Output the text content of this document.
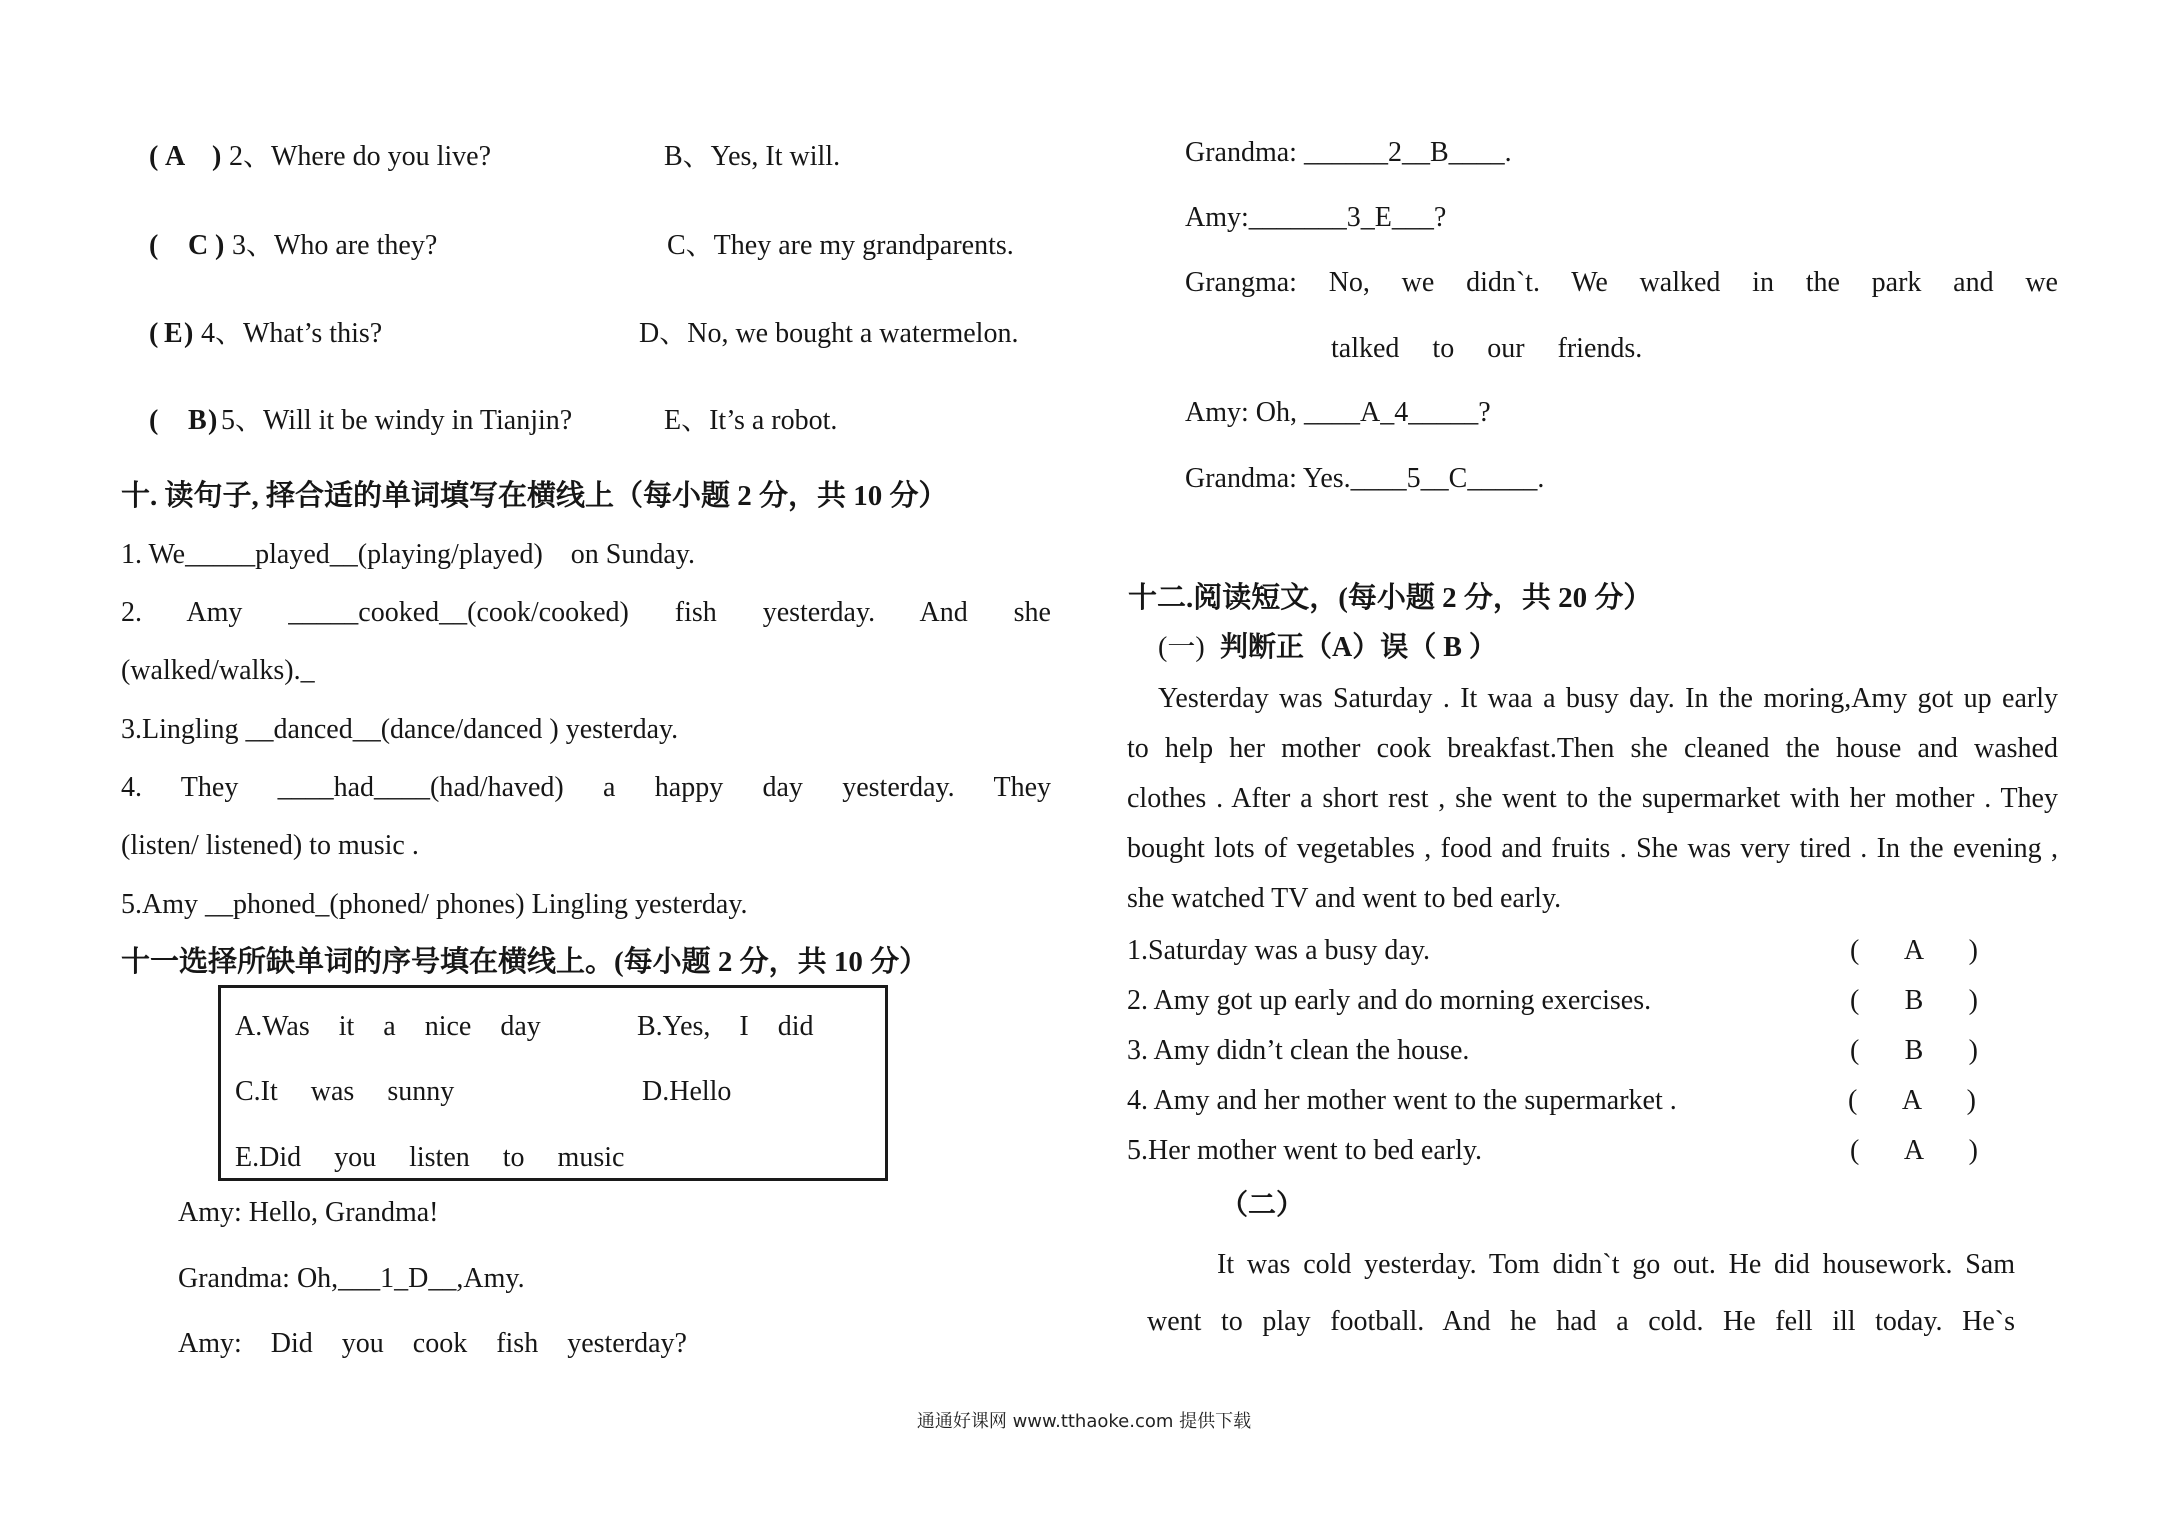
( A ) 2、Where do you live?	B、Yes, It will.
( C ) 3、Who are they?	C、They are my grandparents.
( E ) 4、What’s this?	D、No, we bought a watermelon.
( B ) 5、Will it be windy in Tianjin?	E、It’s a robot.
十. 读句子, 择合适的单词填写在横线上（每小题 2 分，共 10 分）
1. We_____played__(playing/played)    on Sunday.
2. Amy _____cooked__(cook/cooked) fish yesterday. And she
(walked/walks)._
3.Lingling __danced__(dance/danced ) yesterday.
4. They ____had____(had/haved) a happy day yesterday. They
(listen/ listened) to music .
5.Amy __phoned_(phoned/ phones) Lingling yesterday.
十一选择所缺单词的序号填在横线上。(每小题 2 分，共 10 分）
A.Was it a nice day	B.Yes, I did
C.It was sunny	D.Hello
E.Did you listen to music
Amy: Hello, Grandma!
Grandma: Oh,___1_D__,Amy.
Amy: Did you cook fish yesterday?
Grandma: ______2__B____.
Amy:_______3_E___?
Grangma: No, we didn`t. We walked in the park and we
talked to our friends.
Amy: Oh, ____A_4_____?
Grandma: Yes.____5__C_____.
十二.阅读短文，(每小题 2 分，共 20 分）
(一) 判断正（A）误（ B ）
Yesterday was Saturday . It waa a busy day. In the moring,Amy got up early
to help her mother cook breakfast.Then she cleaned the house and washed
clothes . After a short rest , she went to the supermarket with her mother . They
bought lots of vegetables , food and fruits . She was very tired . In the evening ,
she watched TV and went to bed early.
1.Saturday was a busy day.	( A )
2. Amy got up early and do morning exercises.	( B )
3. Amy didn’t clean the house.	( B )
4. Amy and her mother went to the supermarket .	( A )
5.Her mother went to bed early.	( A )
（二）
It was cold yesterday. Tom didn`t go out. He did housework. Sam
went to play football. And he had a cold. He fell ill today. He`s
通通好课网 www.tthaoke.com 提供下载
